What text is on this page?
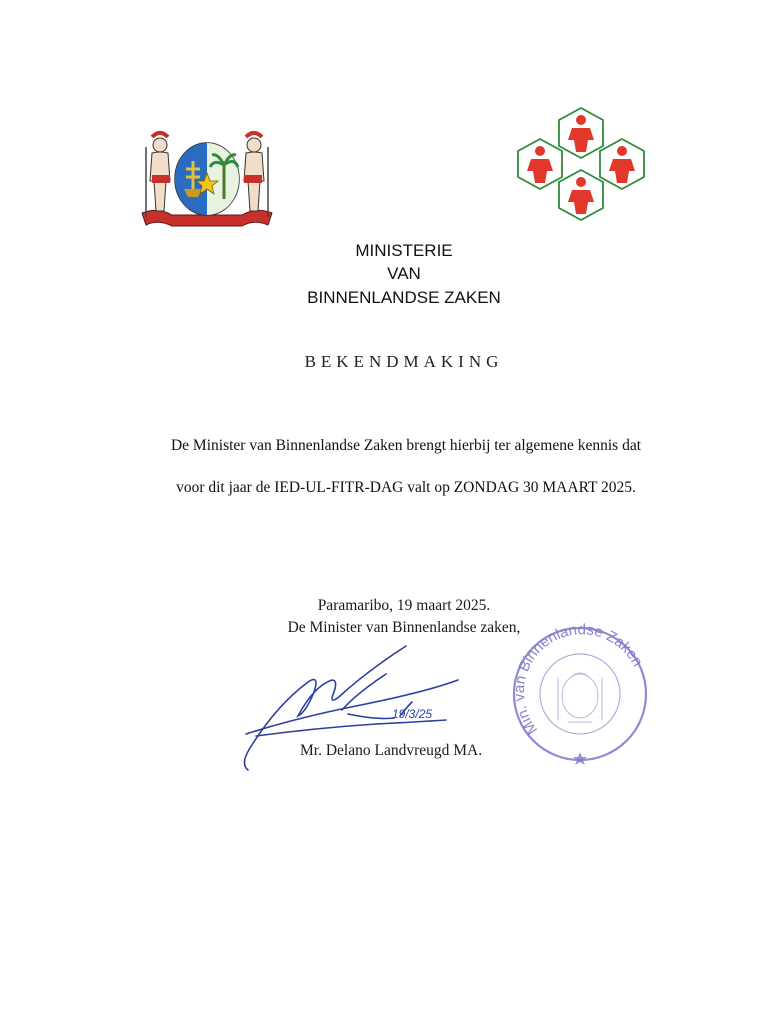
MINISTERIE
VAN
BINNENLANDSE ZAKEN
BEKENDMAKING
De Minister van Binnenlandse Zaken brengt hierbij ter algemene kennis dat
voor dit jaar de IED-UL-FITR-DAG valt op ZONDAG 30 MAART 2025.
Paramaribo, 19 maart 2025.
De Minister van Binnenlandse zaken,
19/3/25
Mr. Delano Landvreugd MA.
Min. van Binnenlandse Zaken
